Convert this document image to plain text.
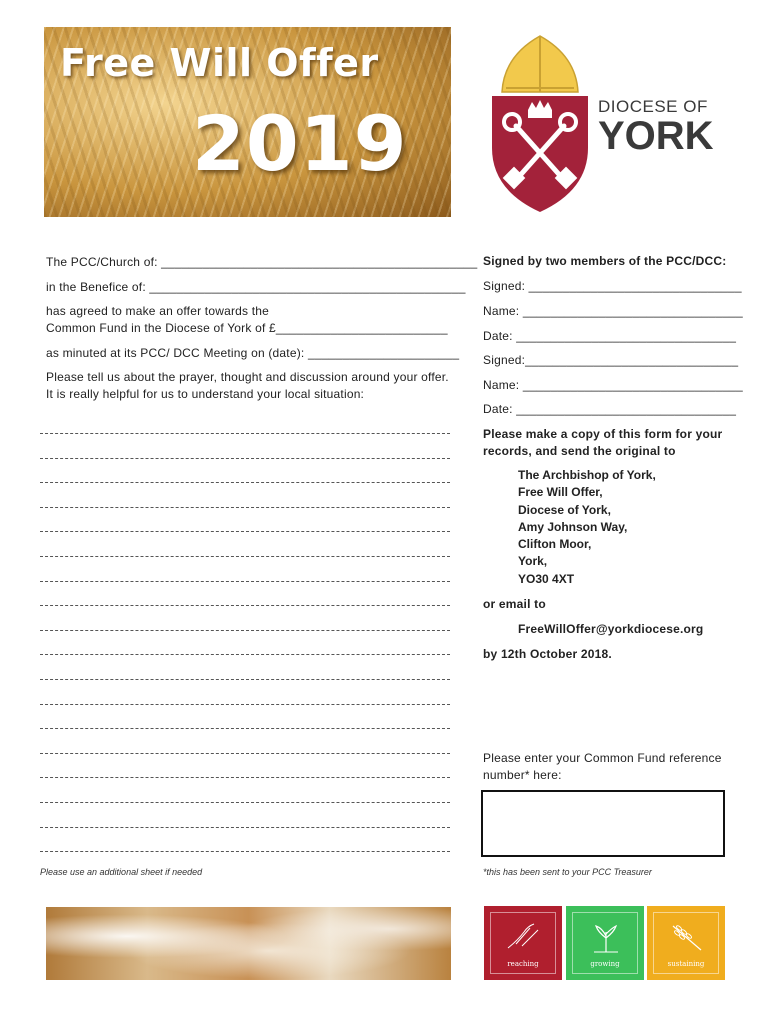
Free Will Offer
2019	DIOCESE OF
YORK
The PCC/Church of: ______________________________________________
in the Benefice of: ______________________________________________
has agreed to make an offer towards the
Common Fund in the Diocese of York of £_________________________
as minuted at its PCC/ DCC Meeting on (date): ______________________
Please tell us about the prayer, thought and discussion around your offer.
It is really helpful for us to understand your local situation:
Please use an additional sheet if needed
Signed by two members of the PCC/DCC:
Signed: _______________________________
Name: ________________________________
Date: ________________________________
Signed:_______________________________
Name: ________________________________
Date: ________________________________
Please make a copy of this form for your
records, and send the original to
The Archbishop of York,
Free Will Offer,
Diocese of York,
Amy Johnson Way,
Clifton Moor,
York,
YO30 4XT
or email to
FreeWillOffer@yorkdiocese.org
by 12th October 2018.
Please enter your Common Fund reference
number* here:
*this has been sent to your PCC Treasurer
reaching	growing	sustaining
